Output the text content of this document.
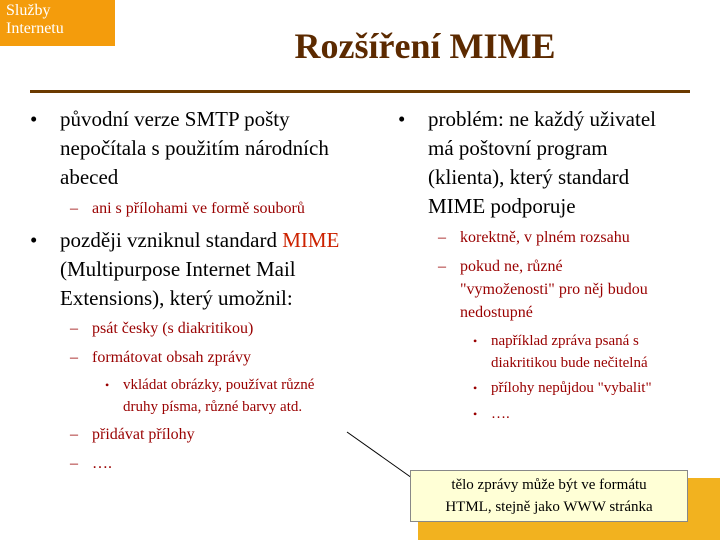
Služby
Internetu	Rozšíření MIME
• původní verze SMTP pošty
nepočítala s použitím národních
abeced
– ani s přílohami ve formě souborů
• později vzniknul standard MIME
(Multipurpose Internet Mail
Extensions), který umožnil:
– psát česky (s diakritikou)
– formátovat obsah zprávy
• vkládat obrázky, používat různé
druhy písma, různé barvy atd.
– přidávat přílohy
– ….
• problém: ne každý uživatel
má poštovní program
(klienta), který standard
MIME podporuje
– korektně, v plném rozsahu
– pokud ne, různé
"vymoženosti" pro něj budou
nedostupné
• například zpráva psaná s
diakritikou bude nečitelná
• přílohy nepůjdou "vybalit"
• ….
tělo zprávy může být ve formátu
HTML, stejně jako WWW stránka
